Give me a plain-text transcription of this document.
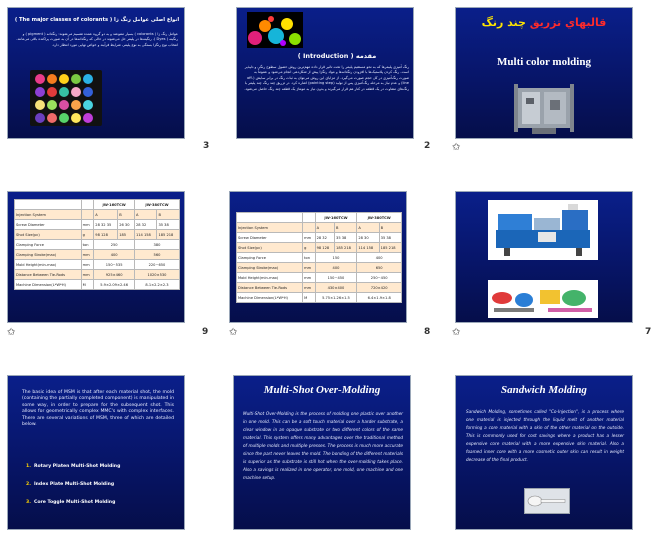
انواع اصلی عوامل رنگ زا ( The major classes of colorants )
عوامل رنگ زا ( colorants ) بسیار متنوعند و به دو گروه عمده تقسیم می‌شوند: رنگدانه ( pigment ) و رنگینه ( Dyes ). رنگینه‌ها در پلیمر حل می‌شوند در حالی که رنگدانه‌ها در آن به صورت پراکنده باقی می‌مانند. انتخاب نوع رنگزا بستگی به نوع پلیمر، شرایط فرآیند و خواص نهایی مورد انتظار دارد.
3
مقدمه ( Introduction )
رنگ آمیزی پلیمرها که به نحو مستقیم پلیمر را تحت تاثیر قرار داده مهم‌ترین روش حصول سطوح رنگی و دلپذیر است. رنگ کردن پلاستیک‌ها با افزودن رنگدانه‌ها و مواد رنگزا پیش از شکل‌دهی انجام می‌شود و عموماً به صورت رنگ‌آمیزی در کل حجم صورت می‌گیرد. از مزایای این روش می‌توان به ثبات رنگ در برابر سایش (off-line) و عدم نیاز به مرحله رنگ‌آمیزی پس از تولید (painting step) اشاره کرد. در تزریق چند رنگ چند پلیمر با رنگ‌های متفاوت در یک قطعه در کنار هم قرار می‌گیرند و بدون نیاز به مونتاژ یک قطعه چند رنگ حاصل می‌شود.
2
قالبهاي تزريق چند رنگ
Multi color molding
✩
		JW-160TCW		JW-380TCW	
Injection System		A	B	A	B
Screw Diameter	mm	28 32 35	26 30	28 32	35 38
Shot Size(pc)	g	98 128	185	114 158	185 218
Clamping Force	ton	250		380	
Clamping Stroke(max)	mm	400		560	
Mold Height(min-max)	mm	150~535		220~650	
Distance Between Tie-Rods	mm	925×460		1020×530	
Machine Dimension(L*W*H)	M	5.9×2.09×2.46		8.1×2.2×2.3	
✩	9
		JW-160TCW		JW-380TCW	
Injection System		A	B	A	B
Screw Diameter	mm	28 32	35 38	28 30	35 38
Shot Size(pc)	g	98 128	185 218	114 158	185 218
Clamping Force	ton	150		400	
Clamping Stroke(max)	mm	400		650	
Mold Height(min-max)	mm	150~450		250~450	
Distance Between Tie-Rods	mm	430×400		720×420	
Machine Dimension(L*W*H)	M	5.75×1.26×1.5		6.4×1.9×1.8	
✩	8 ✩	7
The basic idea of MSM is that after each material shot, the mold (containing the partially completed component) is manipulated in some way, in order to prepare for the subsequent shot. This allows for geometrically complex MMC's with complex interfaces. There are several variations of MSM, three of which are detailed below.
1. Rotary Platen Multi-Shot Molding
2. Index Plate Multi-Shot Molding
3. Core Toggle Multi-Shot Molding
Multi-Shot Over-Molding
Multi-Shot Over-Molding is the process of molding one plastic over another in one mold. This can be a soft touch material over a harder substrate, a clear window in an opaque substrate or two different colors of the same material. This system offers many advantages over the traditional method of multiple molds and multiple presses. The process is much more accurate since the part never leaves the mold. The bonding of the different materials is superior as the substrate is still hot when the over-molding takes place. Also a savings is realized in one operator, one mold, one machine and one machine setup.
Sandwich Molding
Sandwich Molding, sometimes called "Co-Injection", is a process where one material is injected through the liquid melt of another material forming a core material with a skin of the other material on the outside. This is commonly used for cost savings where a product has a lesser expensive core material with a more expensive skin material. Also a foamed inner core with a more cosmetic outer skin can result in weight decrease of the final product.
